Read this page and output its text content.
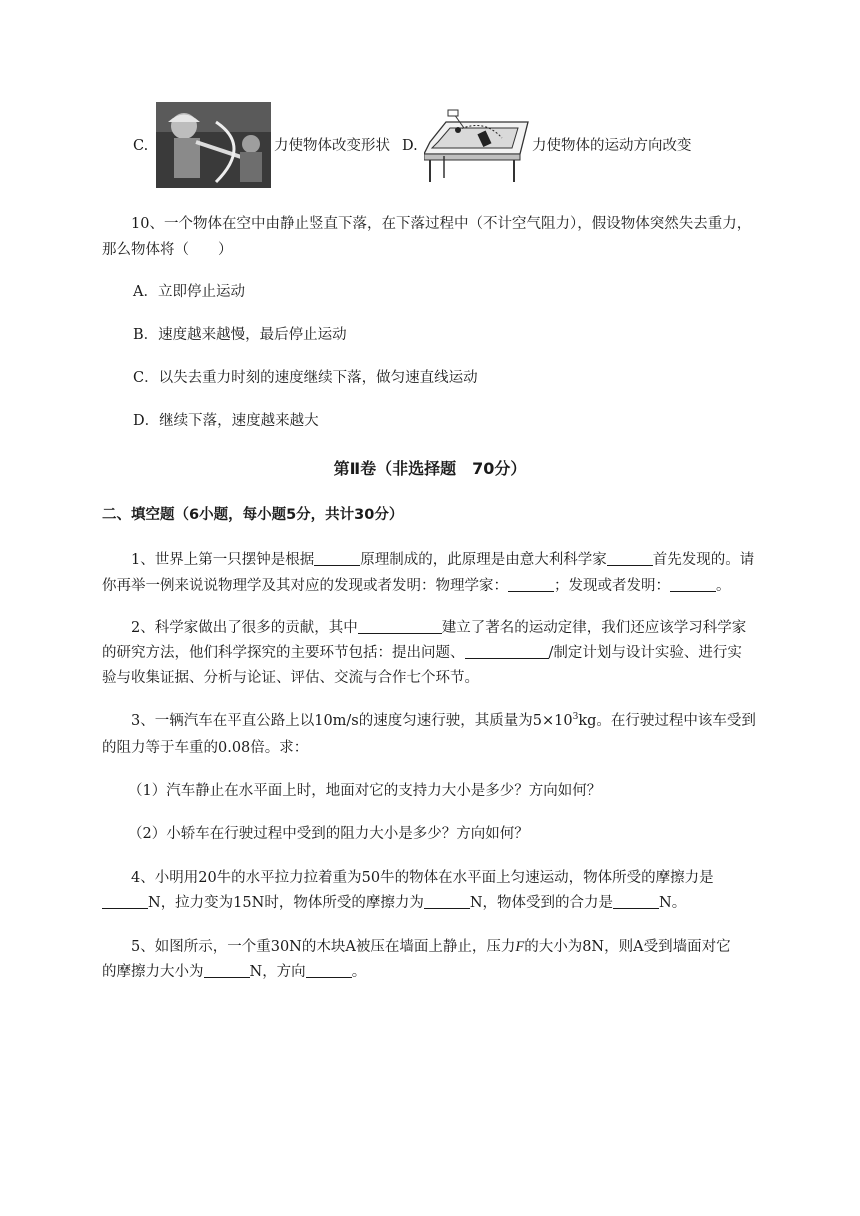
C.	力使物体改变形状 D.	力使物体的运动方向改变
10、一个物体在空中由静止竖直下落，在下落过程中（不计空气阻力），假设物体突然失去重力，
那么物体将（　　）
A．立即停止运动
B．速度越来越慢，最后停止运动
C．以失去重力时刻的速度继续下落，做匀速直线运动
D．继续下落，速度越来越大
第Ⅱ卷（非选择题　70分）
二、填空题（6小题，每小题5分，共计30分）
1、世界上第一只摆钟是根据	原理制成的，此原理是由意大利科学家	首先发现的。请
你再举一例来说说物理学及其对应的发现或者发明：物理学家：	；发现或者发明：	。
2、科学家做出了很多的贡献，其中	建立了著名的运动定律，我们还应该学习科学家
的研究方法，他们科学探究的主要环节包括：提出问题、	/制定计划与设计实验、进行实
验与收集证据、分析与论证、评估、交流与合作七个环节。
3、一辆汽车在平直公路上以10m/s的速度匀速行驶，其质量为$5\times 10^3kg$。在行驶过程中该车受到
的阻力等于车重的0.08倍。求：
（1）汽车静止在水平面上时，地面对它的支持力大小是多少？方向如何？
（2）小轿车在行驶过程中受到的阻力大小是多少？方向如何？
4、小明用20牛的水平拉力拉着重为50牛的物体在水平面上匀速运动，物体所受的摩擦力是
N，拉力变为15N时，物体所受的摩擦力为	N，物体受到的合力是	N。
5、如图所示，一个重30N的木块A被压在墙面上静止，压力F的大小为8N，则A受到墙面对它
的摩擦力大小为	N，方向	。
